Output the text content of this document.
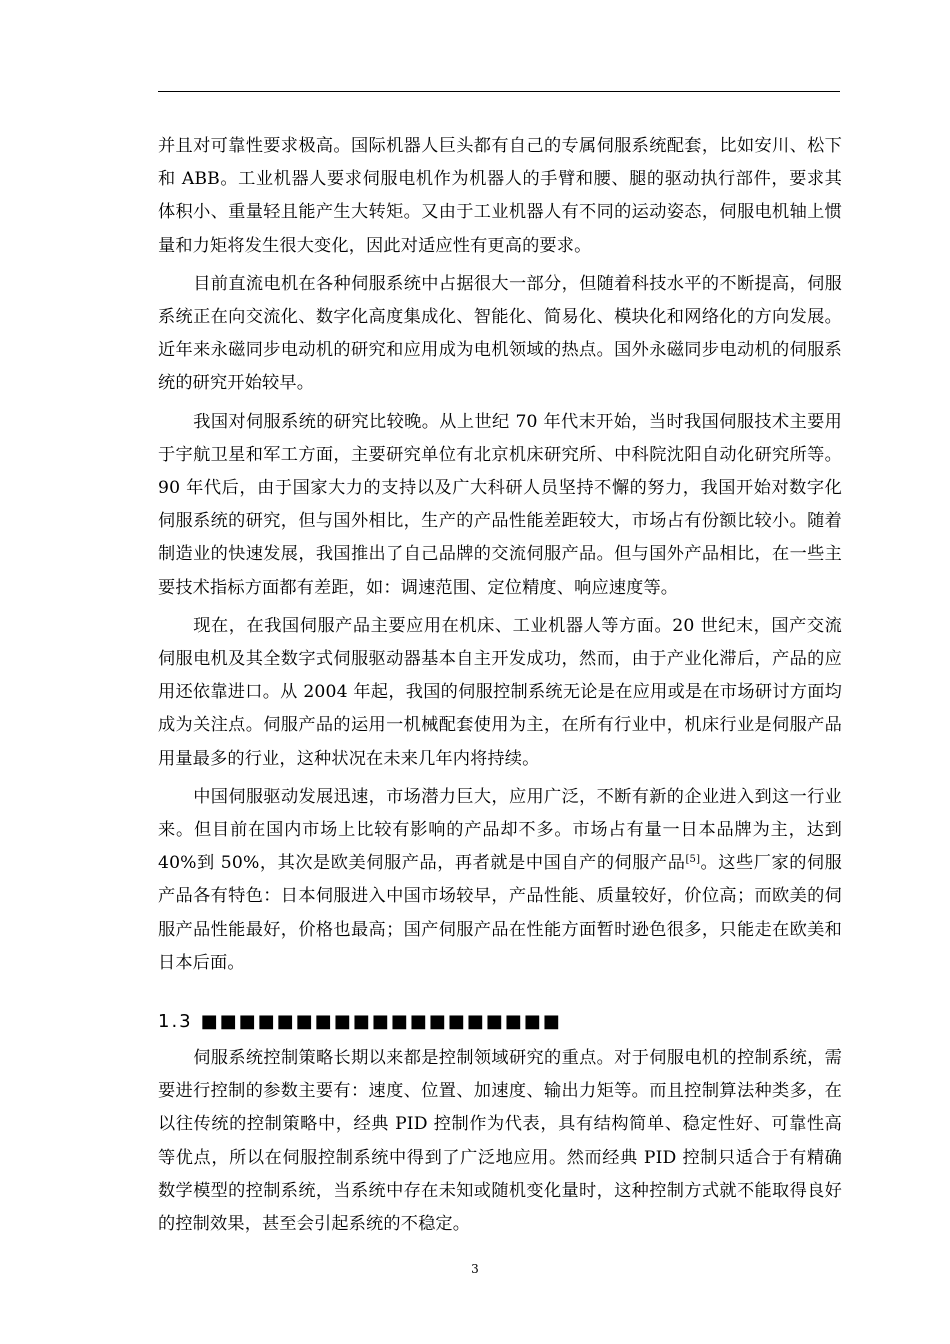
并且对可靠性要求极高。国际机器人巨头都有自己的专属伺服系统配套，比如安川、松下和 ABB。工业机器人要求伺服电机作为机器人的手臂和腰、腿的驱动执行部件，要求其体积小、重量轻且能产生大转矩。又由于工业机器人有不同的运动姿态，伺服电机轴上惯量和力矩将发生很大变化，因此对适应性有更高的要求。

目前直流电机在各种伺服系统中占据很大一部分，但随着科技水平的不断提高，伺服系统正在向交流化、数字化高度集成化、智能化、简易化、模块化和网络化的方向发展。近年来永磁同步电动机的研究和应用成为电机领域的热点。国外永磁同步电动机的伺服系统的研究开始较早。

我国对伺服系统的研究比较晚。从上世纪 70 年代末开始，当时我国伺服技术主要用于宇航卫星和军工方面，主要研究单位有北京机床研究所、中科院沈阳自动化研究所等。90 年代后，由于国家大力的支持以及广大科研人员坚持不懈的努力，我国开始对数字化伺服系统的研究，但与国外相比，生产的产品性能差距较大，市场占有份额比较小。随着制造业的快速发展，我国推出了自己品牌的交流伺服产品。但与国外产品相比，在一些主要技术指标方面都有差距，如：调速范围、定位精度、响应速度等。

现在，在我国伺服产品主要应用在机床、工业机器人等方面。20 世纪末，国产交流伺服电机及其全数字式伺服驱动器基本自主开发成功，然而，由于产业化滞后，产品的应用还依靠进口。从 2004 年起，我国的伺服控制系统无论是在应用或是在市场研讨方面均成为关注点。伺服产品的运用一机械配套使用为主，在所有行业中，机床行业是伺服产品用量最多的行业，这种状况在未来几年内将持续。

中国伺服驱动发展迅速，市场潜力巨大，应用广泛，不断有新的企业进入到这一行业来。但目前在国内市场上比较有影响的产品却不多。市场占有量一日本品牌为主，达到 40%到 50%，其次是欧美伺服产品，再者就是中国自产的伺服产品[5]。这些厂家的伺服产品各有特色：日本伺服进入中国市场较早，产品性能、质量较好，价位高；而欧美的伺服产品性能最好，价格也最高；国产伺服产品在性能方面暂时逊色很多，只能走在欧美和日本后面。

1.3 ■■■■■■■■■■■■■■■■■■■

伺服系统控制策略长期以来都是控制领域研究的重点。对于伺服电机的控制系统，需要进行控制的参数主要有：速度、位置、加速度、输出力矩等。而且控制算法种类多，在以往传统的控制策略中，经典 PID 控制作为代表，具有结构简单、稳定性好、可靠性高等优点，所以在伺服控制系统中得到了广泛地应用。然而经典 PID 控制只适合于有精确数学模型的控制系统，当系统中存在未知或随机变化量时，这种控制方式就不能取得良好的控制效果，甚至会引起系统的不稳定。

3
